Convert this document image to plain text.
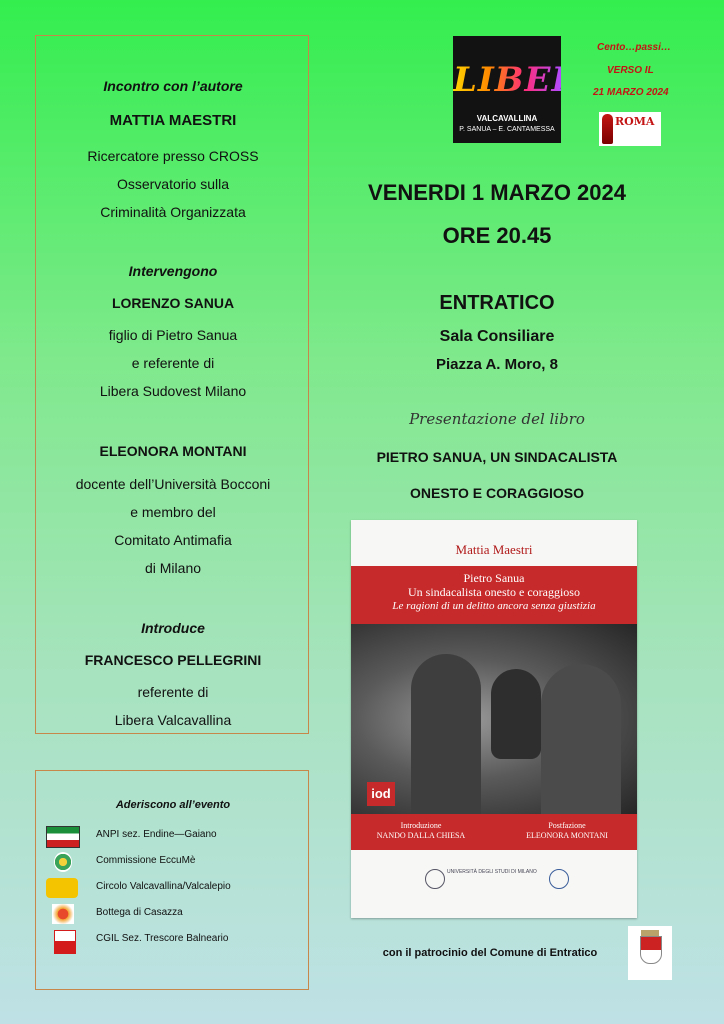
Incontro con l’autore
MATTIA MAESTRI
Ricercatore presso CROSS
Osservatorio sulla
Criminalità Organizzata
Intervengono
LORENZO SANUA
figlio di Pietro Sanua
e referente di
Libera Sudovest Milano
ELEONORA MONTANI
docente dell’Università Bocconi
e membro del
Comitato Antimafia
di Milano
Introduce
FRANCESCO PELLEGRINI
referente di
Libera Valcavallina
Aderiscono all’evento
ANPI sez. Endine—Gaiano
Commissione EccuMè
Circolo Valcavallina/Valcalepio
Bottega di Casazza
CGIL Sez. Trescore Balneario
LIBERA
VALCAVALLINA
P. SANUA – E. CANTAMESSA
Cento…passi…
VERSO IL
21 MARZO 2024
ROMA
VENERDI 1 MARZO 2024
ORE 20.45
ENTRATICO
Sala Consiliare
Piazza A. Moro, 8
Presentazione del libro
PIETRO SANUA, UN SINDACALISTA
ONESTO E CORAGGIOSO
Mattia Maestri
Pietro Sanua
Un sindacalista onesto e coraggioso
Le ragioni di un delitto ancora senza giustizia
iod
Introduzione
NANDO DALLA CHIESA
Postfazione
ELEONORA MONTANI
UNIVERSITÀ DEGLI STUDI DI MILANO
con il patrocinio del Comune di Entratico
